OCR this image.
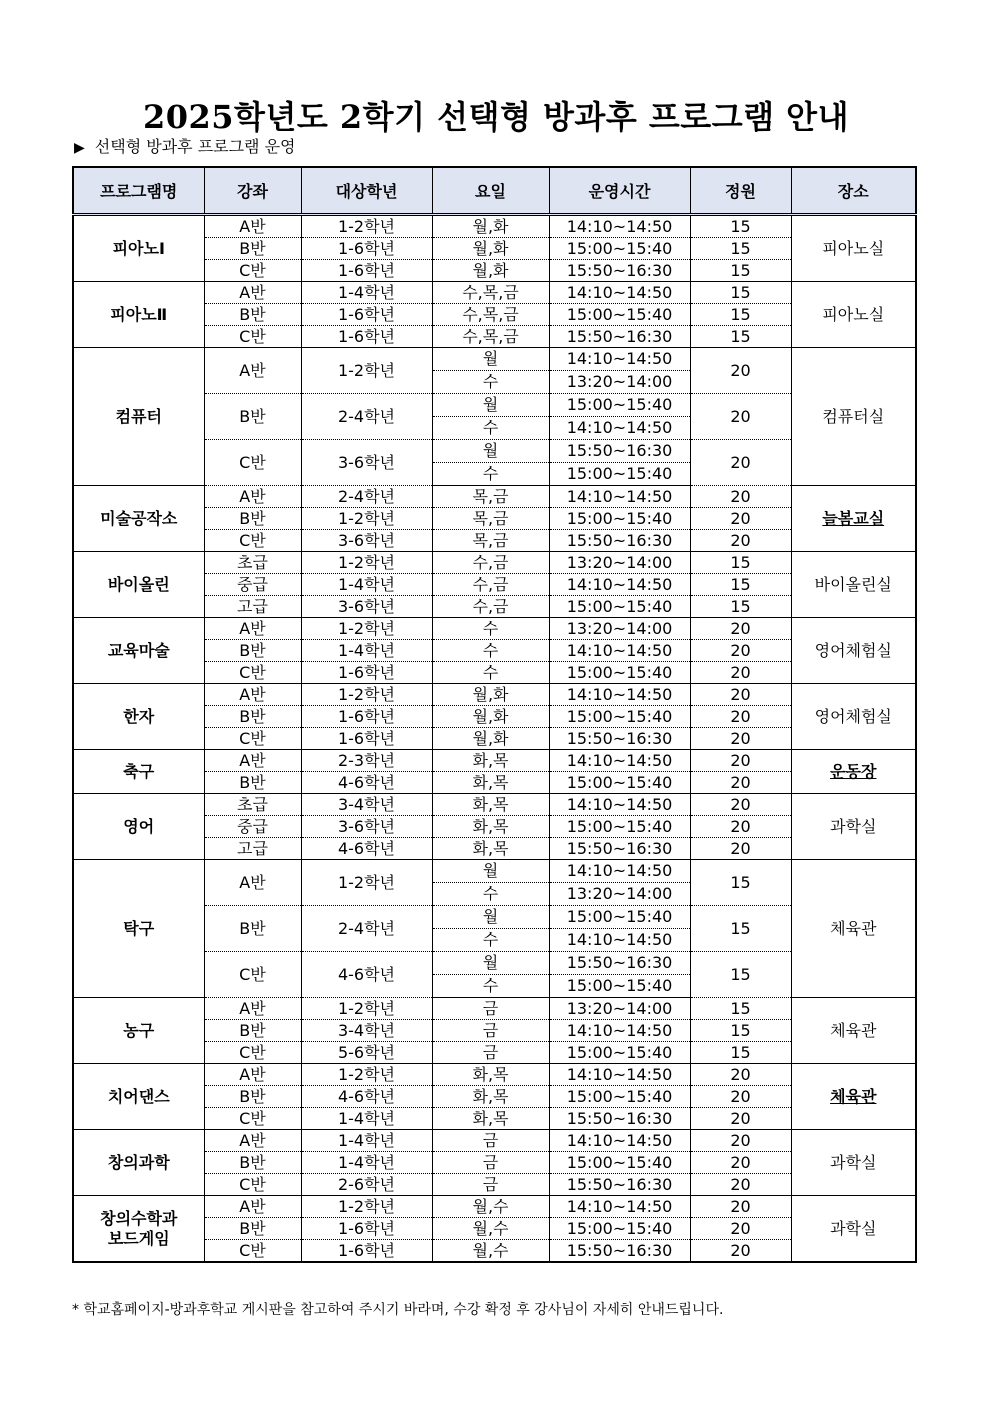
2025학년도 2학기 선택형 방과후 프로그램 안내
▶ 선택형 방과후 프로그램 운영
프로그램명	강좌	대상학년	요일	운영시간	정원	장소
피아노Ⅰ	A반	1-2학년	월,화	14:10~14:50	15	피아노실
	B반	1-6학년	월,화	15:00~15:40	15	
	C반	1-6학년	월,화	15:50~16:30	15	
피아노Ⅱ	A반	1-4학년	수,목,금	14:10~14:50	15	피아노실
	B반	1-6학년	수,목,금	15:00~15:40	15	
	C반	1-6학년	수,목,금	15:50~16:30	15	
컴퓨터	A반	1-2학년	월	14:10~14:50	20	컴퓨터실
			수	13:20~14:00		
	B반	2-4학년	월	15:00~15:40	20	
			수	14:10~14:50		
	C반	3-6학년	월	15:50~16:30	20	
			수	15:00~15:40		
미술공작소	A반	2-4학년	목,금	14:10~14:50	20	늘봄교실
	B반	1-2학년	목,금	15:00~15:40	20	
	C반	3-6학년	목,금	15:50~16:30	20	
바이올린	초급	1-2학년	수,금	13:20~14:00	15	바이올린실
	중급	1-4학년	수,금	14:10~14:50	15	
	고급	3-6학년	수,금	15:00~15:40	15	
교육마술	A반	1-2학년	수	13:20~14:00	20	영어체험실
	B반	1-4학년	수	14:10~14:50	20	
	C반	1-6학년	수	15:00~15:40	20	
한자	A반	1-2학년	월,화	14:10~14:50	20	영어체험실
	B반	1-6학년	월,화	15:00~15:40	20	
	C반	1-6학년	월,화	15:50~16:30	20	
축구	A반	2-3학년	화,목	14:10~14:50	20	운동장
	B반	4-6학년	화,목	15:00~15:40	20	
영어	초급	3-4학년	화,목	14:10~14:50	20	과학실
	중급	3-6학년	화,목	15:00~15:40	20	
	고급	4-6학년	화,목	15:50~16:30	20	
탁구	A반	1-2학년	월	14:10~14:50	15	체육관
			수	13:20~14:00		
	B반	2-4학년	월	15:00~15:40	15	
			수	14:10~14:50		
	C반	4-6학년	월	15:50~16:30	15	
			수	15:00~15:40		
농구	A반	1-2학년	금	13:20~14:00	15	체육관
	B반	3-4학년	금	14:10~14:50	15	
	C반	5-6학년	금	15:00~15:40	15	
치어댄스	A반	1-2학년	화,목	14:10~14:50	20	체육관
	B반	4-6학년	화,목	15:00~15:40	20	
	C반	1-4학년	화,목	15:50~16:30	20	
창의과학	A반	1-4학년	금	14:10~14:50	20	과학실
	B반	1-4학년	금	15:00~15:40	20	
	C반	2-6학년	금	15:50~16:30	20	
창의수학과
보드게임	A반	1-2학년	월,수	14:10~14:50	20	과학실
	B반	1-6학년	월,수	15:00~15:40	20	
	C반	1-6학년	월,수	15:50~16:30	20	
* 학교홈페이지-방과후학교 게시판을 참고하여 주시기 바라며, 수강 확정 후 강사님이 자세히 안내드립니다.
